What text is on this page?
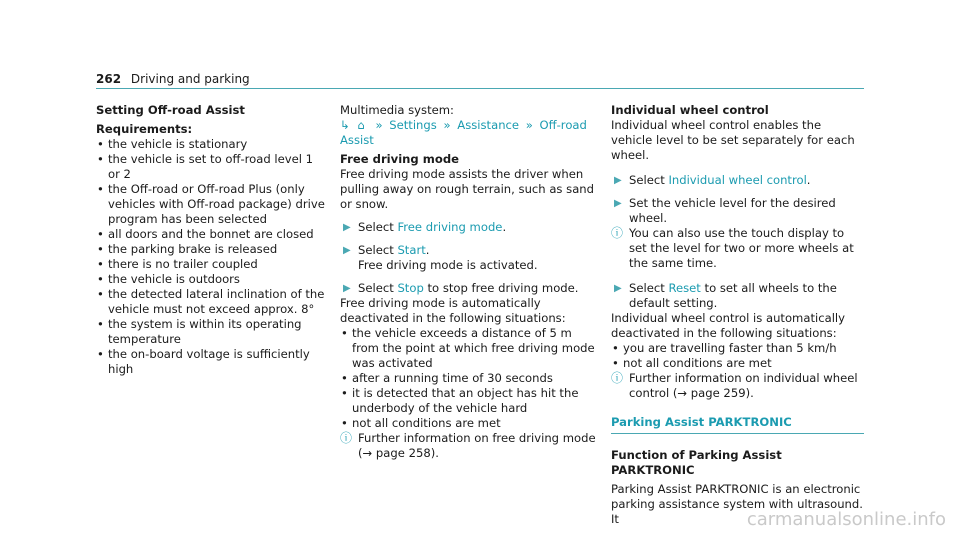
262 Driving and parking

Setting Off-road Assist

Requirements:

• the vehicle is stationary
• the vehicle is set to off-road level 1 or 2
• the Off-road or Off-road Plus (only vehicles with Off-road package) drive program has been selected
• all doors and the bonnet are closed
• the parking brake is released
• there is no trailer coupled
• the vehicle is outdoors
• the detected lateral inclination of the vehicle must not exceed approx. 8°
• the system is within its operating temperature
• the on-board voltage is sufficiently high

Multimedia system:

↳ ⌂ » Settings » Assistance » Off-road Assist

Free driving mode

Free driving mode assists the driver when pulling away on rough terrain, such as sand or snow.

▶ Select Free driving mode.
▶ Select Start.
Free driving mode is activated.
▶ Select Stop to stop free driving mode.

Free driving mode is automatically deactivated in the following situations:

• the vehicle exceeds a distance of 5 m from the point at which free driving mode was activated
• after a running time of 30 seconds
• it is detected that an object has hit the underbody of the vehicle hard
• not all conditions are met
ⓘ Further information on free driving mode (→ page 258).

Individual wheel control

Individual wheel control enables the vehicle level to be set separately for each wheel.

▶ Select Individual wheel control.
▶ Set the vehicle level for the desired wheel.
ⓘ You can also use the touch display to set the level for two or more wheels at the same time.
▶ Select Reset to set all wheels to the default setting.

Individual wheel control is automatically deactivated in the following situations:

• you are travelling faster than 5 km/h
• not all conditions are met
ⓘ Further information on individual wheel control (→ page 259).

Parking Assist PARKTRONIC

Function of Parking Assist PARKTRONIC

Parking Assist PARKTRONIC is an electronic parking assistance system with ultrasound. It	carmanualsonline.info
